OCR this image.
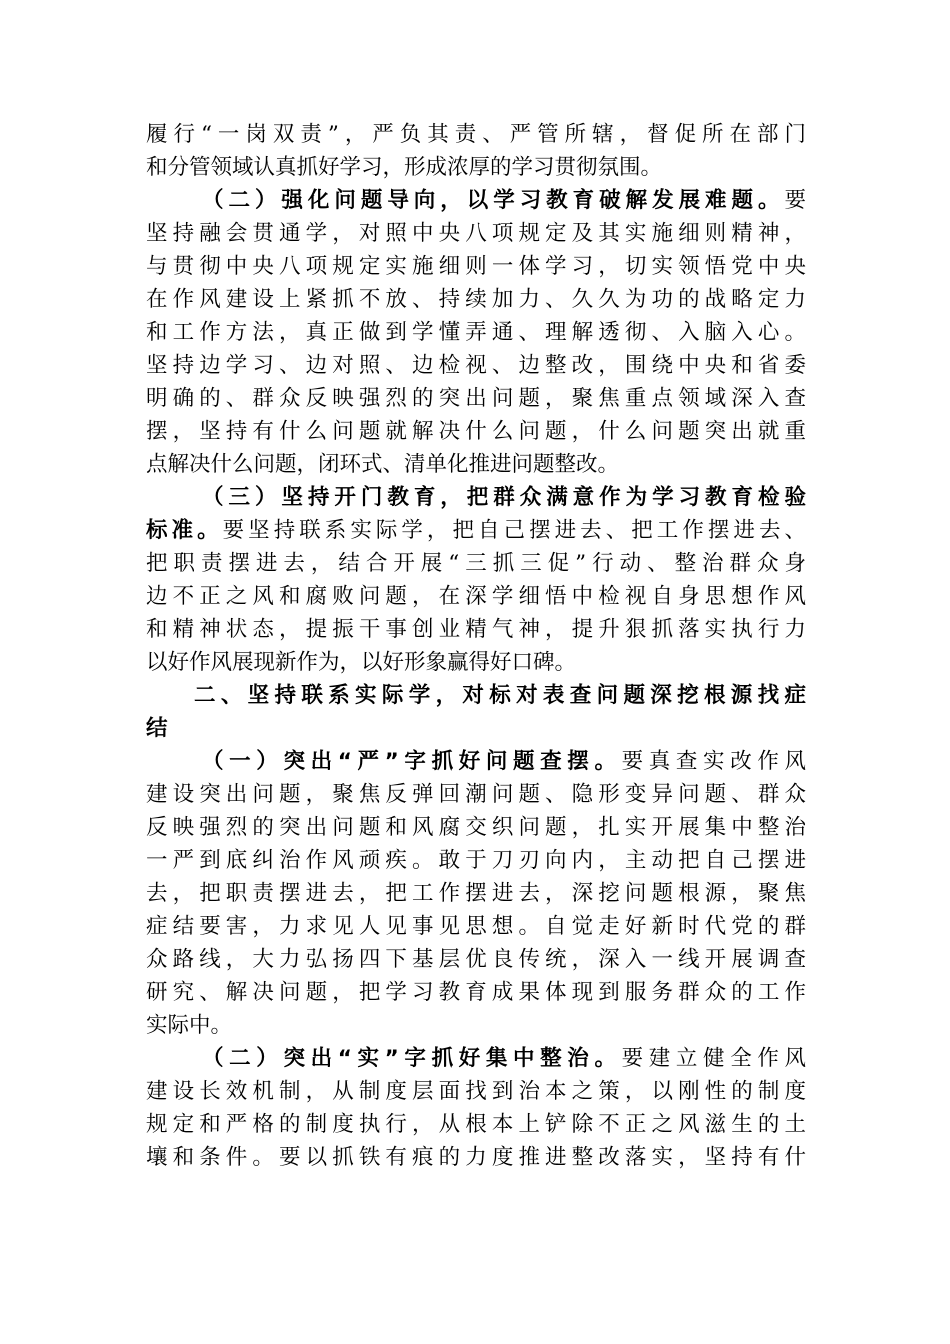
履行“一岗双责”，严负其责、严管所辖，督促所在部门
和分管领域认真抓好学习，形成浓厚的学习贯彻氛围。
（二）强化问题导向，以学习教育破解发展难题。要
坚持融会贯通学，对照中央八项规定及其实施细则精神，
与贯彻中央八项规定实施细则一体学习，切实领悟党中央
在作风建设上紧抓不放、持续加力、久久为功的战略定力
和工作方法，真正做到学懂弄通、理解透彻、入脑入心。
坚持边学习、边对照、边检视、边整改，围绕中央和省委
明确的、群众反映强烈的突出问题，聚焦重点领域深入查
摆，坚持有什么问题就解决什么问题，什么问题突出就重
点解决什么问题，闭环式、清单化推进问题整改。
（三）坚持开门教育，把群众满意作为学习教育检验
标准。要坚持联系实际学，把自己摆进去、把工作摆进去、
把职责摆进去，结合开展“三抓三促”行动、整治群众身
边不正之风和腐败问题，在深学细悟中检视自身思想作风
和精神状态，提振干事创业精气神，提升狠抓落实执行力
以好作风展现新作为，以好形象赢得好口碑。
二、坚持联系实际学，对标对表查问题深挖根源找症
结
（一）突出“严”字抓好问题查摆。要真查实改作风
建设突出问题，聚焦反弹回潮问题、隐形变异问题、群众
反映强烈的突出问题和风腐交织问题，扎实开展集中整治
一严到底纠治作风顽疾。敢于刀刃向内，主动把自己摆进
去，把职责摆进去，把工作摆进去，深挖问题根源，聚焦
症结要害，力求见人见事见思想。自觉走好新时代党的群
众路线，大力弘扬四下基层优良传统，深入一线开展调查
研究、解决问题，把学习教育成果体现到服务群众的工作
实际中。
（二）突出“实”字抓好集中整治。要建立健全作风
建设长效机制，从制度层面找到治本之策，以刚性的制度
规定和严格的制度执行，从根本上铲除不正之风滋生的土
壤和条件。要以抓铁有痕的力度推进整改落实，坚持有什
